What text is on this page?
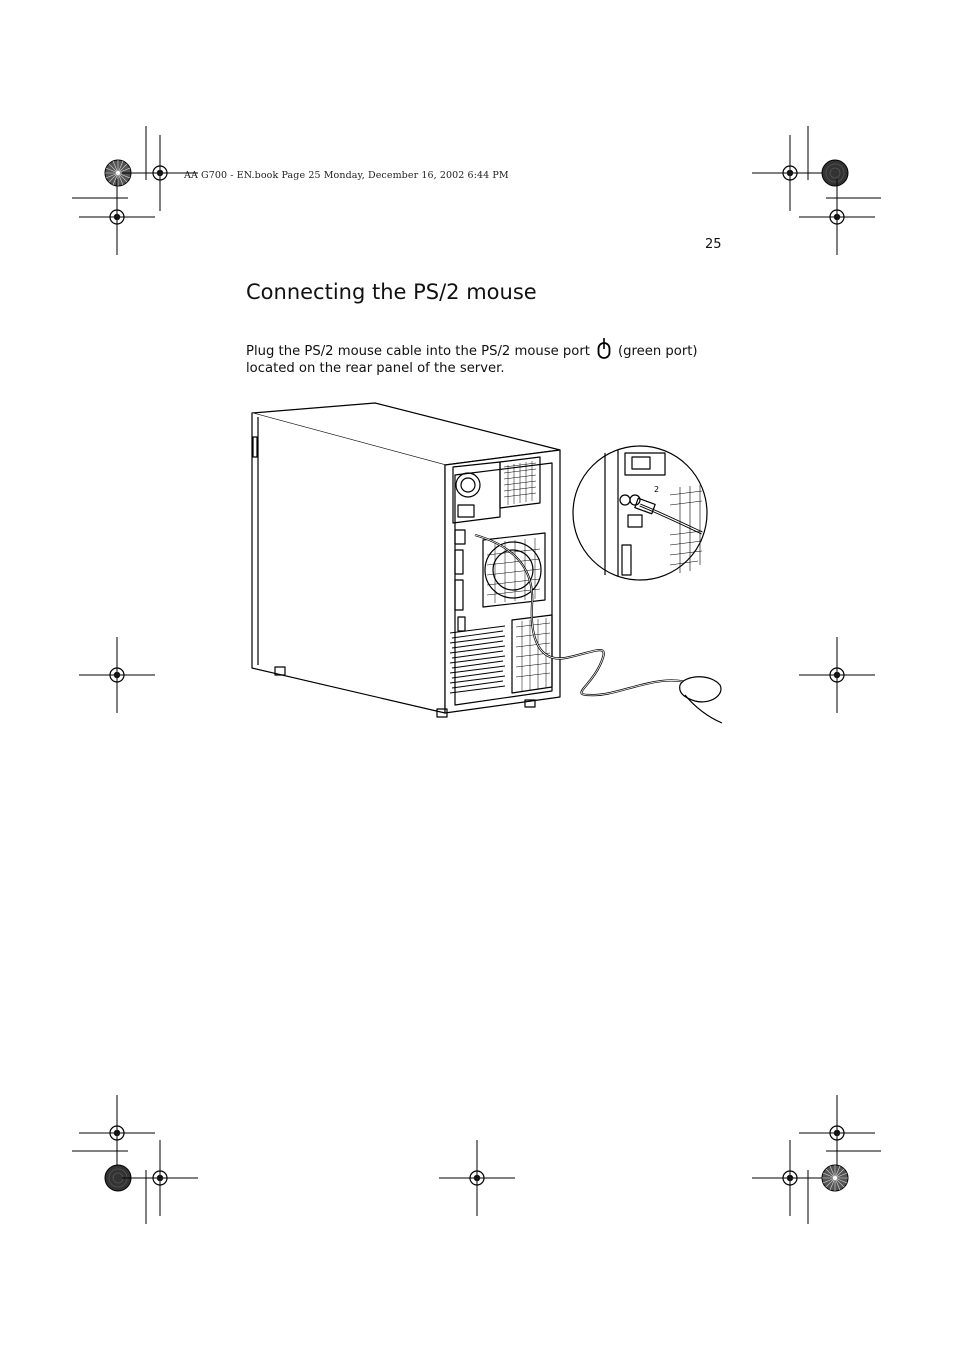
AA G700 - EN.book Page 25 Monday, December 16, 2002 6:44 PM
25
Connecting the PS/2 mouse

Plug the PS/2 mouse cable into the PS/2 mouse port (green port) located on the rear panel of the server.

2
